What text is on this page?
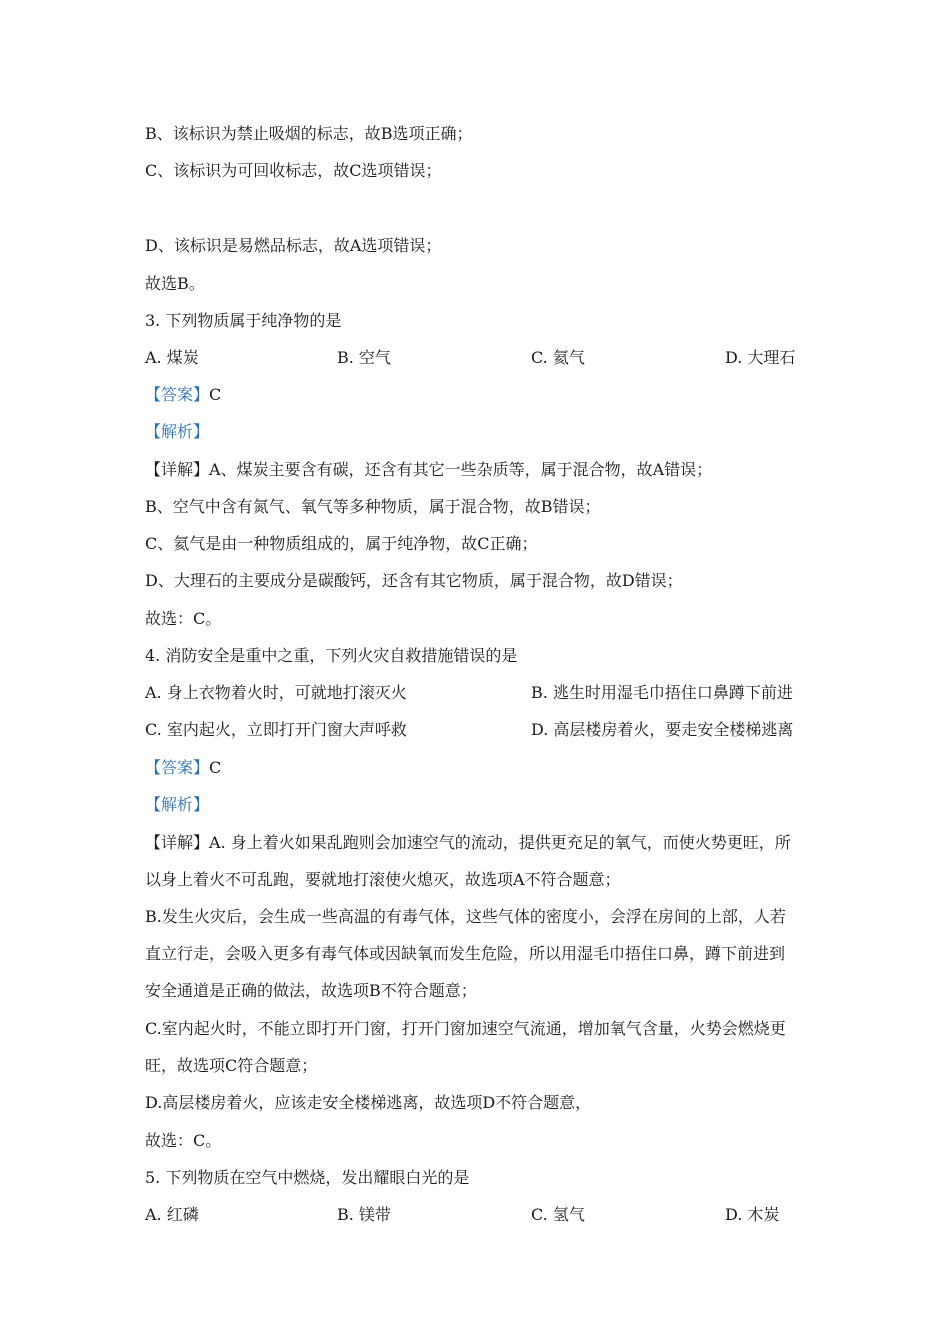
B、该标识为禁止吸烟的标志，故B选项正确；
C、该标识为可回收标志，故C选项错误；
D、该标识是易燃品标志，故A选项错误；
故选B。
3. 下列物质属于纯净物的是
A. 煤炭	B. 空气	C. 氦气	D. 大理石
【答案】C
【解析】
【详解】A、煤炭主要含有碳，还含有其它一些杂质等，属于混合物，故A错误；
B、空气中含有氮气、氧气等多种物质，属于混合物，故B错误；
C、氦气是由一种物质组成的，属于纯净物，故C正确；
D、大理石的主要成分是碳酸钙，还含有其它物质，属于混合物，故D错误；
故选：C。
4. 消防安全是重中之重，下列火灾自救措施错误的是
A. 身上衣物着火时，可就地打滚灭火	B. 逃生时用湿毛巾捂住口鼻蹲下前进
C. 室内起火，立即打开门窗大声呼救	D. 高层楼房着火，要走安全楼梯逃离
【答案】C
【解析】
【详解】A. 身上着火如果乱跑则会加速空气的流动，提供更充足的氧气，而使火势更旺，所
以身上着火不可乱跑，要就地打滚使火熄灭，故选项A不符合题意；
B.发生火灾后，会生成一些高温的有毒气体，这些气体的密度小，会浮在房间的上部，人若
直立行走，会吸入更多有毒气体或因缺氧而发生危险，所以用湿毛巾捂住口鼻，蹲下前进到
安全通道是正确的做法，故选项B不符合题意；
C.室内起火时，不能立即打开门窗，打开门窗加速空气流通，增加氧气含量，火势会燃烧更
旺，故选项C符合题意；
D.高层楼房着火，应该走安全楼梯逃离，故选项D不符合题意，
故选：C。
5. 下列物质在空气中燃烧，发出耀眼白光的是
A. 红磷	B. 镁带	C. 氢气	D. 木炭
